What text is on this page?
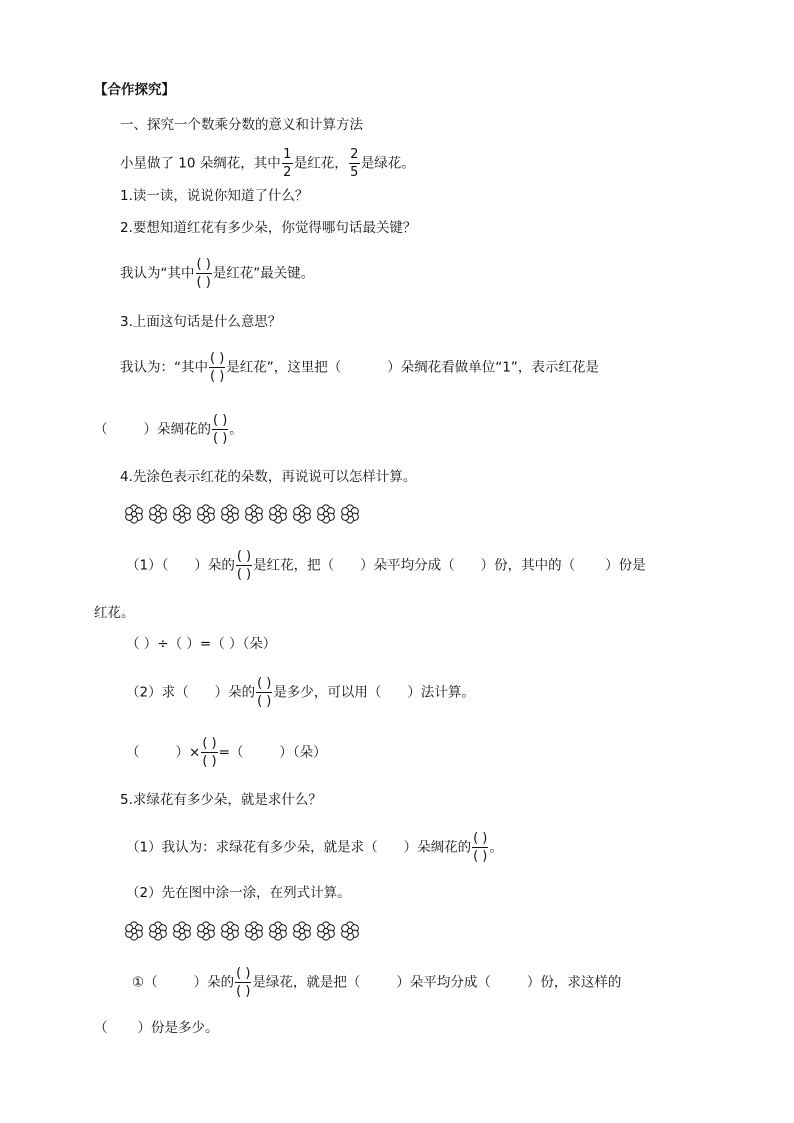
【合作探究】
一、探究一个数乘分数的意义和计算方法
小星做了 10 朵绸花，其中 $\frac{1}{2}$ 是红花， $\frac{2}{5}$ 是绿花。
1.读一读，说说你知道了什么？
2.要想知道红花有多少朵，你觉得哪句话最关键？
我认为“其中 $\frac{( )}{( )}$ 是红花”最关键。
3.上面这句话是什么意思？
我认为：“其中 $\frac{( )}{( )}$ 是红花”，这里把（	）朵绸花看做单位“1”，表示红花是
（	）朵绸花的 $\frac{( )}{( )}$ 。
4.先涂色表示红花的朵数，再说说可以怎样计算。
（1）（ ）朵的 $\frac{( )}{( )}$ 是红花，把（ ）朵平均分成（ ）份，其中的（ ）份是
红花。
（ ）÷（ ）=（ ）（朵）
（2）求（ ）朵的 $\frac{( )}{( )}$ 是多少，可以用（ ）法计算。
（	）× $\frac{( )}{( )}$ =（	）（朵）
5.求绿花有多少朵，就是求什么？
（1）我认为：求绿花有多少朵，就是求（ ）朵绸花的 $\frac{( )}{( )}$ 。
（2）先在图中涂一涂，在列式计算。
①（	）朵的 $\frac{( )}{( )}$ 是绿花，就是把（	）朵平均分成（	）份，求这样的
（ ）份是多少。
